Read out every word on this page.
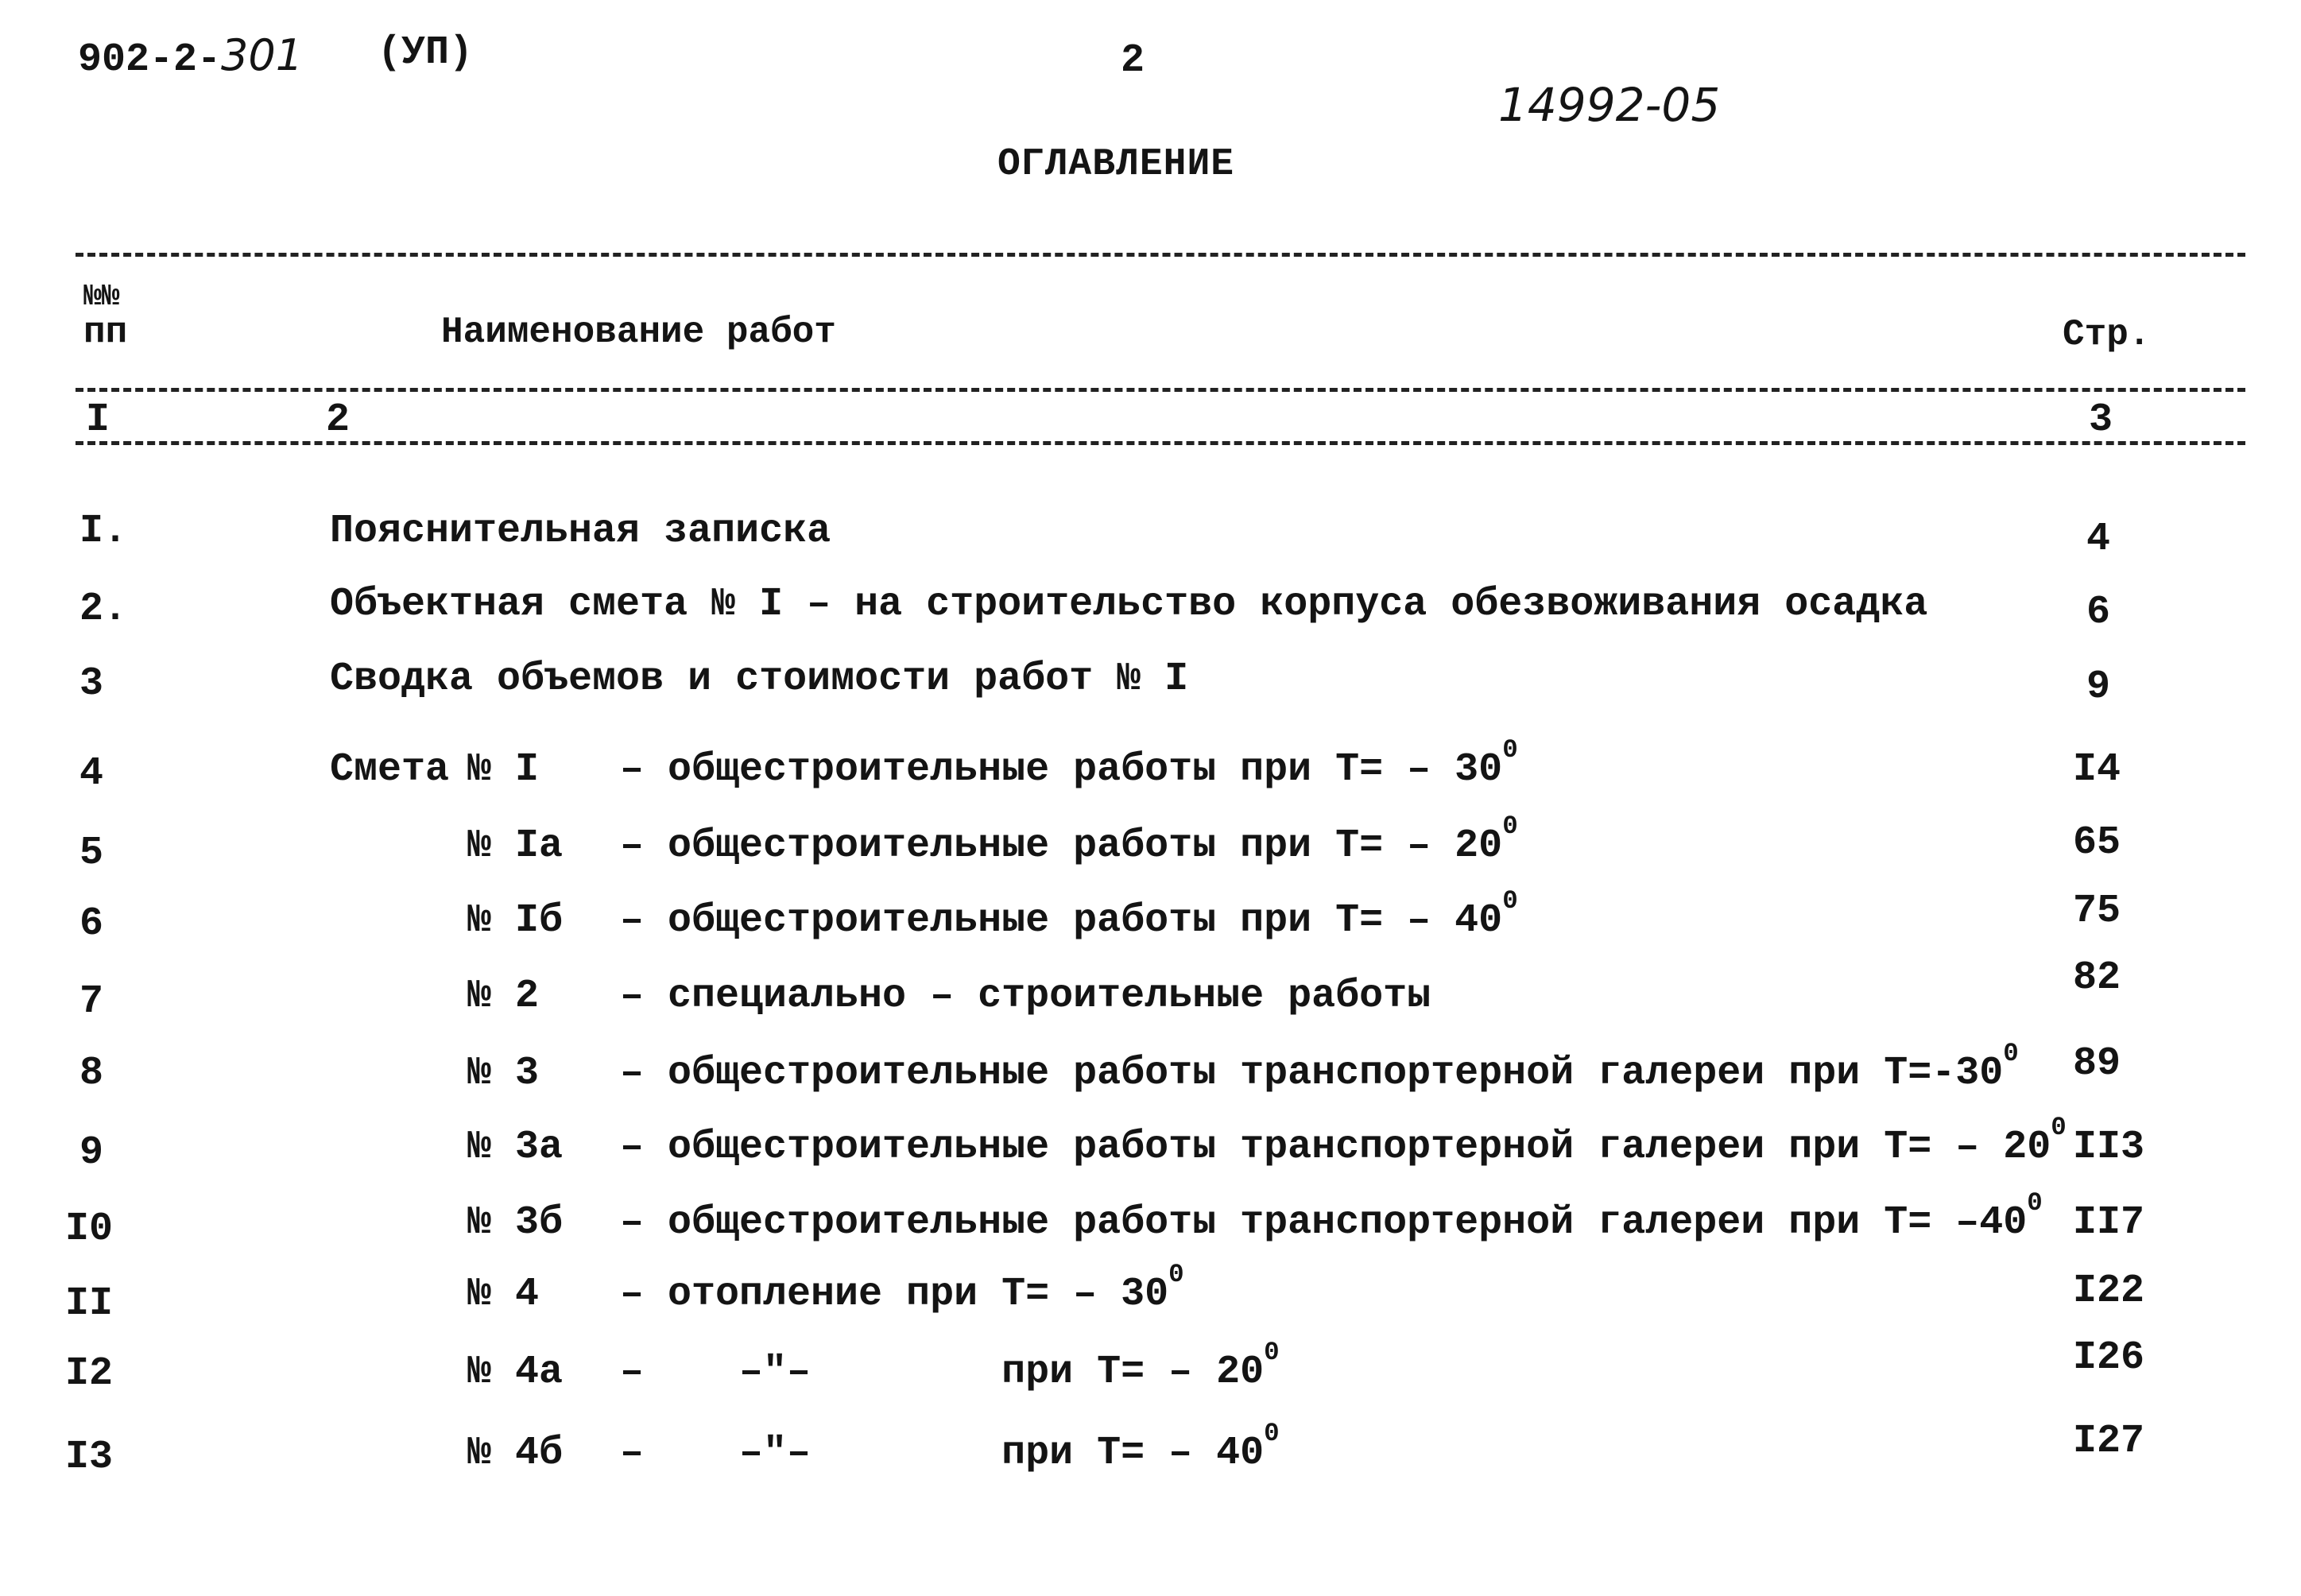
902-2-301 (УП)	2
14992-05
ОГЛАВЛЕНИЕ
№№
пп	Наименование работ	Стр.
I	2	3
I.	Пояснительная записка	4
2.	Объектная смета № I – на строительство корпуса обезвоживания осадка	6
3	Сводка объемов и стоимости работ № I	9
4	Смета № I – общестроительные работы при $Т= - 30^0$	I4
5	№ Iа – общестроительные работы при $Т= - 20^0$	65
6	№ Iб – общестроительные работы при $Т= - 40^0$	75
7	№ 2 – специально – строительные работы	82
8	№ 3 – общестроительные работы транспортерной галереи при $Т=-30^0$ 89
9	№ 3а – общестроительные работы транспортерной галереи при $Т= - 20^0$ II3
I0	№ 3б – общестроительные работы транспортерной галереи при $Т= -40^0$ II7
II	№ 4 – отопление при $Т= - 30^0$	I22
I2	№ 4а –    –"–        при $Т= - 20^0$	I26
I3	№ 4б –    –"–        при $Т= - 40^0$	I27
